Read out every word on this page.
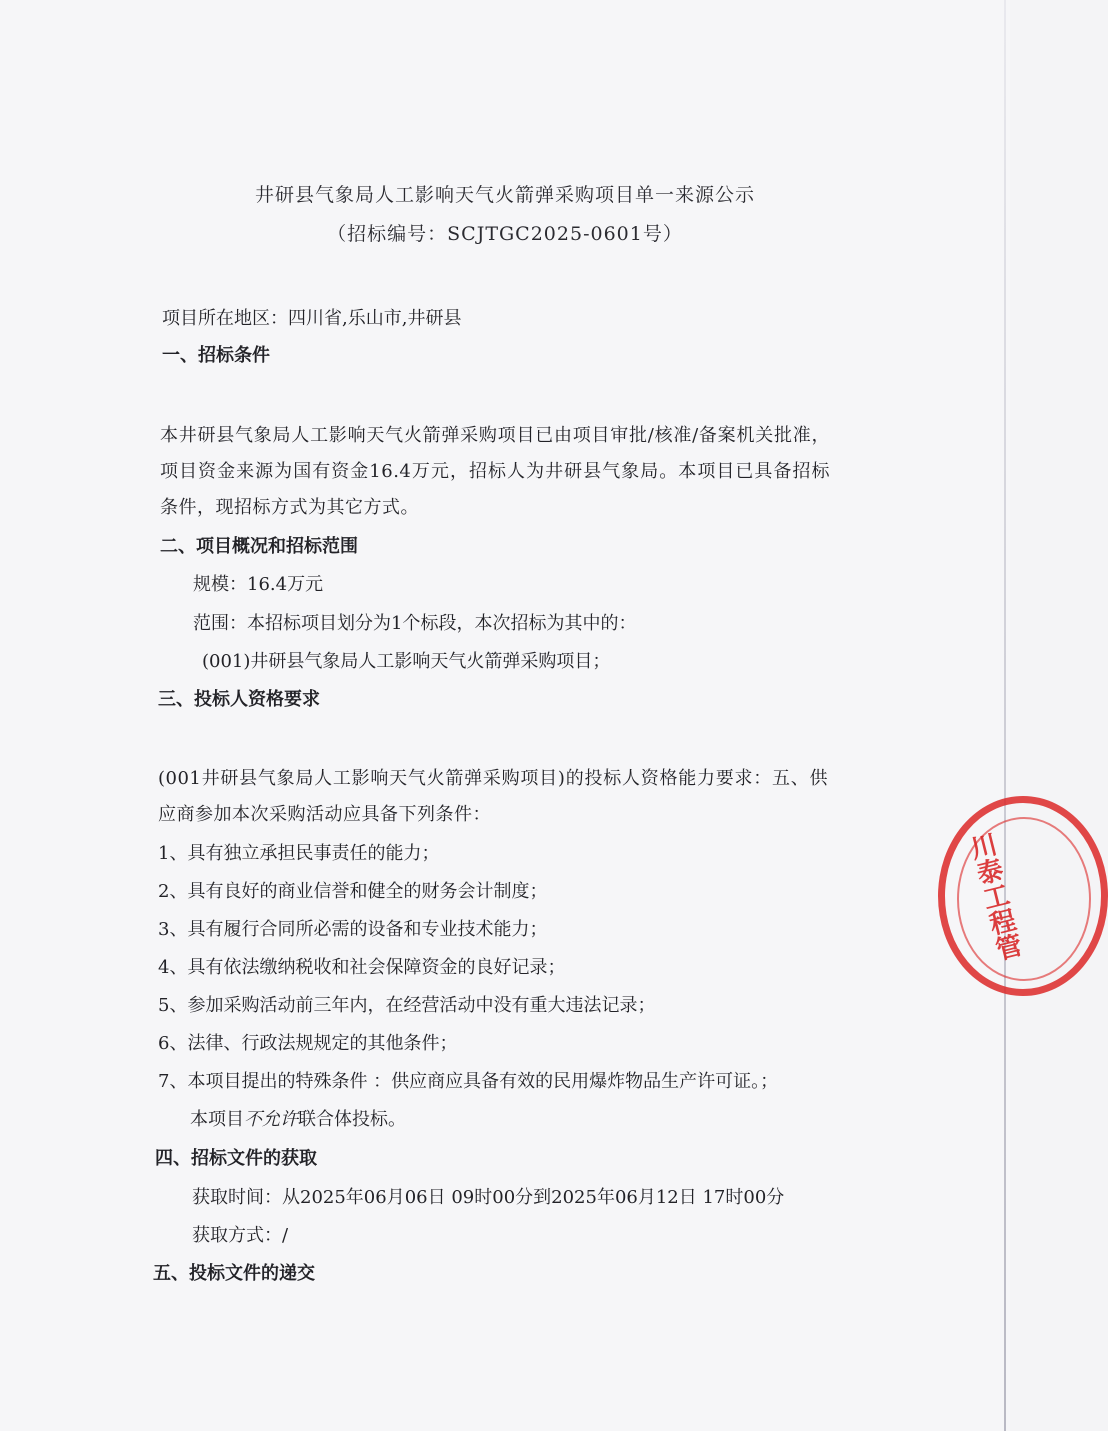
井研县气象局人工影响天气火箭弹采购项目单一来源公示
（招标编号：SCJTGC2025-0601号）
项目所在地区：四川省,乐山市,井研县
一、招标条件
本井研县气象局人工影响天气火箭弹采购项目已由项目审批/核准/备案机关批准，项目资金来源为国有资金16.4万元，招标人为井研县气象局。本项目已具备招标条件，现招标方式为其它方式。
二、项目概况和招标范围
规模：16.4万元
范围：本招标项目划分为1个标段，本次招标为其中的：
(001)井研县气象局人工影响天气火箭弹采购项目；
三、投标人资格要求
(001井研县气象局人工影响天气火箭弹采购项目)的投标人资格能力要求：五、供应商参加本次采购活动应具备下列条件：
1、具有独立承担民事责任的能力；
2、具有良好的商业信誉和健全的财务会计制度；
3、具有履行合同所必需的设备和专业技术能力；
4、具有依法缴纳税收和社会保障资金的良好记录；
5、参加采购活动前三年内，在经营活动中没有重大违法记录；
6、法律、行政法规规定的其他条件；
7、本项目提出的特殊条件 ：供应商应具备有效的民用爆炸物品生产许可证。；
本项目不允许联合体投标。
四、招标文件的获取
获取时间：从2025年06月06日 09时00分到2025年06月12日 17时00分
获取方式：/
五、投标文件的递交
川泰工程管
